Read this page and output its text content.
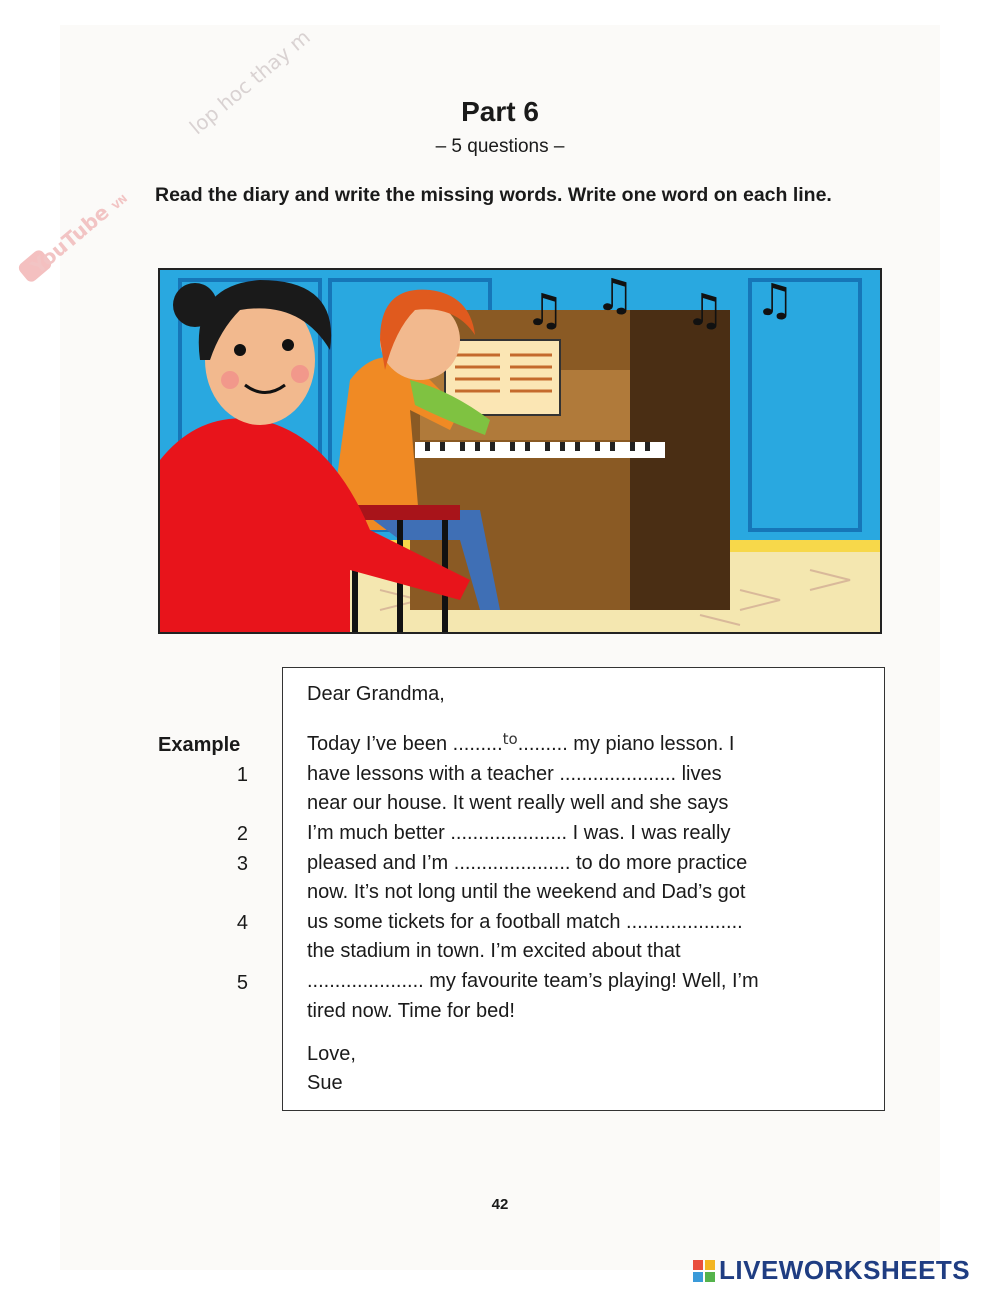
lop hoc thay m
YouTube VN
Part 6
– 5 questions –
Read the diary and write the missing words. Write one word on each line.
♫ ♫ ♫ ♫
Dear Grandma,
Example	Today I’ve been .........$^{to}$......... my piano lesson. I
1	have lessons with a teacher ..................... lives
near our house. It went really well and she says
2	I’m much better ..................... I was. I was really
3	pleased and I’m ..................... to do more practice
now. It’s not long until the weekend and Dad’s got
4	us some tickets for a football match .....................
the stadium in town. I’m excited about that
5	..................... my favourite team’s playing! Well, I’m
tired now. Time for bed!
Love,
Sue
42
LIVEWORKSHEETS
